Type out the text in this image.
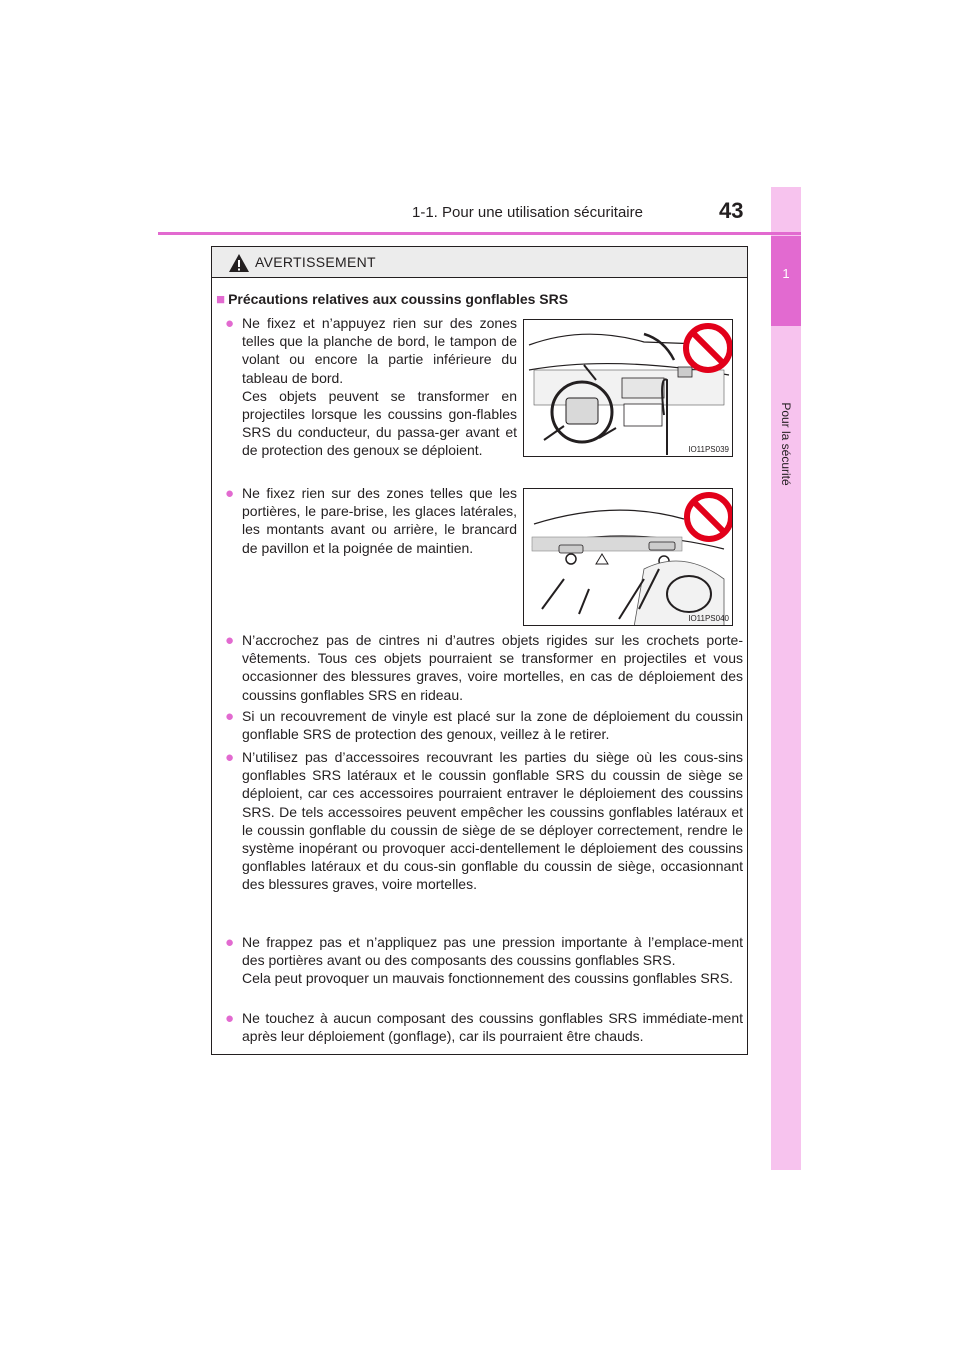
1
Pour la sécurité
1-1. Pour une utilisation sécuritaire	43
AVERTISSEMENT
■ Précautions relatives aux coussins gonflables SRS
● Ne fixez et n’appuyez rien sur des zones telles que la planche de bord, le tampon de volant ou encore la partie inférieure du tableau de bord.
Ces objets peuvent se transformer en projectiles lorsque les coussins gon-flables SRS du conducteur, du passa-ger avant et de protection des genoux se déploient.	IO11PS039
● Ne fixez rien sur des zones telles que les portières, le pare-brise, les glaces latérales, les montants avant ou arrière, le brancard de pavillon et la poignée de maintien.
IO11PS040
● N’accrochez pas de cintres ni d’autres objets rigides sur les crochets porte-vêtements. Tous ces objets pourraient se transformer en projectiles et vous occasionner des blessures graves, voire mortelles, en cas de déploiement des coussins gonflables SRS en rideau.
● Si un recouvrement de vinyle est placé sur la zone de déploiement du coussin gonflable SRS de protection des genoux, veillez à le retirer.
● N’utilisez pas d’accessoires recouvrant les parties du siège où les cous-sins gonflables SRS latéraux et le coussin gonflable SRS du coussin de siège se déploient, car ces accessoires pourraient entraver le déploiement des coussins SRS. De tels accessoires peuvent empêcher les coussins gonflables latéraux et le coussin gonflable du coussin de siège de se déployer correctement, rendre le système inopérant ou provoquer acci-dentellement le déploiement des coussins gonflables latéraux et du cous-sin gonflable du coussin de siège, occasionnant des blessures graves, voire mortelles.
● Ne frappez pas et n’appliquez pas une pression importante à l’emplace-ment des portières avant ou des composants des coussins gonflables SRS.
Cela peut provoquer un mauvais fonctionnement des coussins gonflables SRS.
● Ne touchez à aucun composant des coussins gonflables SRS immédiate-ment après leur déploiement (gonflage), car ils pourraient être chauds.
